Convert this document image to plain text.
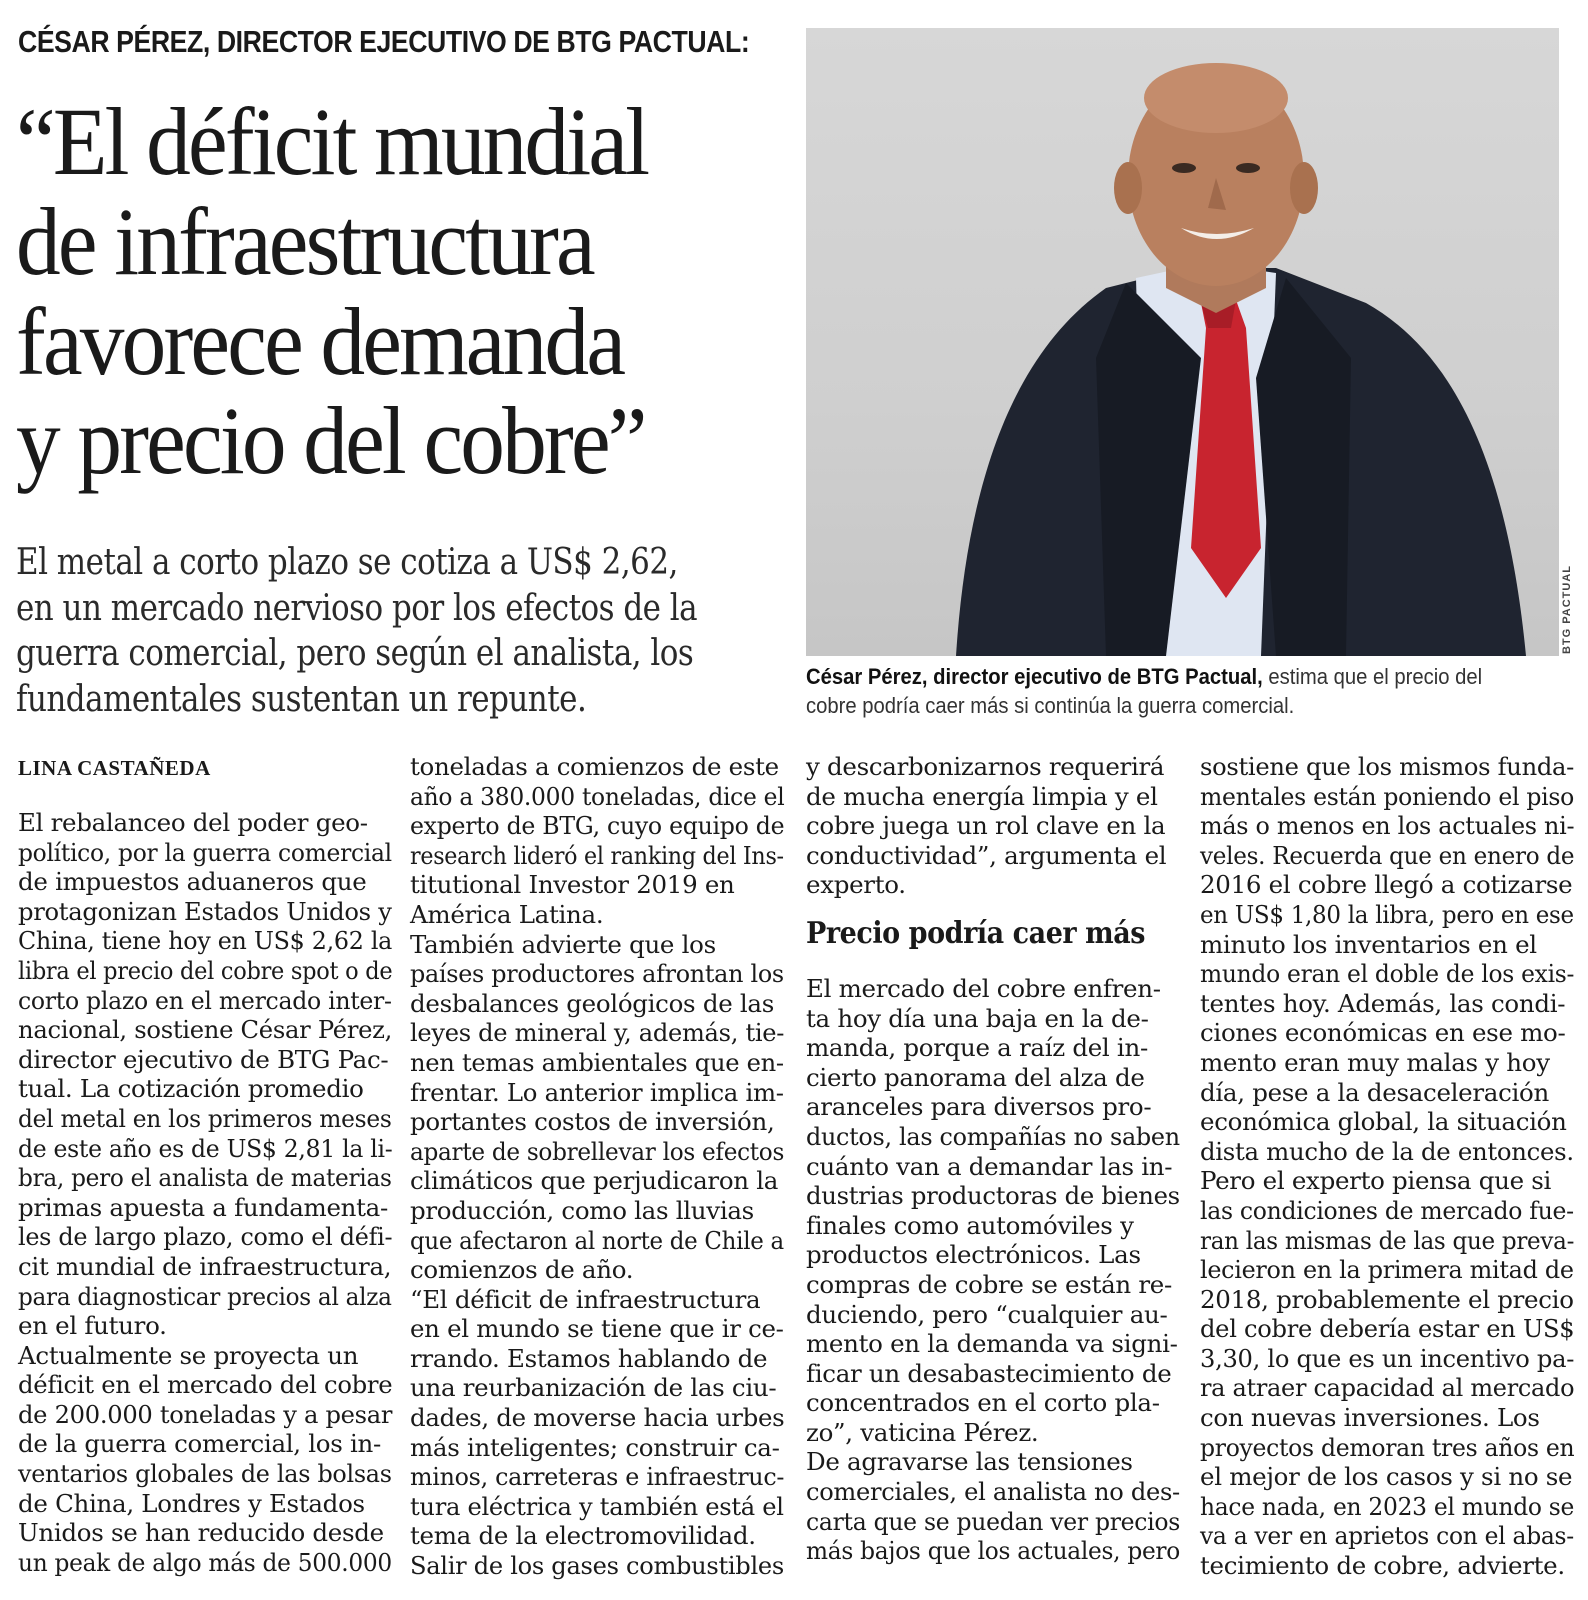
CÉSAR PÉREZ, DIRECTOR EJECUTIVO DE BTG PACTUAL:
“El déficit mundial
de infraestructura
favorece demanda
y precio del cobre”
El metal a corto plazo se cotiza a US$ 2,62,
en un mercado nervioso por los efectos de la
guerra comercial, pero según el analista, los
fundamentales sustentan un repunte.
BTG PACTUAL
César Pérez, director ejecutivo de BTG Pactual, estima que el precio del cobre podría caer más si continúa la guerra comercial.
LINA CASTAÑEDA
El rebalanceo del poder geo-
político, por la guerra comercial
de impuestos aduaneros que
protagonizan Estados Unidos y
China, tiene hoy en US$ 2,62 la
libra el precio del cobre spot o de
corto plazo en el mercado inter-
nacional, sostiene César Pérez,
director ejecutivo de BTG Pac-
tual. La cotización promedio
del metal en los primeros meses
de este año es de US$ 2,81 la li-
bra, pero el analista de materias
primas apuesta a fundamenta-
les de largo plazo, como el défi-
cit mundial de infraestructura,
para diagnosticar precios al alza
en el futuro.
Actualmente se proyecta un
déficit en el mercado del cobre
de 200.000 toneladas y a pesar
de la guerra comercial, los in-
ventarios globales de las bolsas
de China, Londres y Estados
Unidos se han reducido desde
un peak de algo más de 500.000
toneladas a comienzos de este
año a 380.000 toneladas, dice el
experto de BTG, cuyo equipo de
research lideró el ranking del Ins-
titutional Investor 2019 en
América Latina.
También advierte que los
países productores afrontan los
desbalances geológicos de las
leyes de mineral y, además, tie-
nen temas ambientales que en-
frentar. Lo anterior implica im-
portantes costos de inversión,
aparte de sobrellevar los efectos
climáticos que perjudicaron la
producción, como las lluvias
que afectaron al norte de Chile a
comienzos de año.
“El déficit de infraestructura
en el mundo se tiene que ir ce-
rrando. Estamos hablando de
una reurbanización de las ciu-
dades, de moverse hacia urbes
más inteligentes; construir ca-
minos, carreteras e infraestruc-
tura eléctrica y también está el
tema de la electromovilidad.
Salir de los gases combustibles
y descarbonizarnos requerirá
de mucha energía limpia y el
cobre juega un rol clave en la
conductividad”, argumenta el
experto.
Precio podría caer más
El mercado del cobre enfren-
ta hoy día una baja en la de-
manda, porque a raíz del in-
cierto panorama del alza de
aranceles para diversos pro-
ductos, las compañías no saben
cuánto van a demandar las in-
dustrias productoras de bienes
finales como automóviles y
productos electrónicos. Las
compras de cobre se están re-
duciendo, pero “cualquier au-
mento en la demanda va signi-
ficar un desabastecimiento de
concentrados en el corto pla-
zo”, vaticina Pérez.
De agravarse las tensiones
comerciales, el analista no des-
carta que se puedan ver precios
más bajos que los actuales, pero
sostiene que los mismos funda-
mentales están poniendo el piso
más o menos en los actuales ni-
veles. Recuerda que en enero de
2016 el cobre llegó a cotizarse
en US$ 1,80 la libra, pero en ese
minuto los inventarios en el
mundo eran el doble de los exis-
tentes hoy. Además, las condi-
ciones económicas en ese mo-
mento eran muy malas y hoy
día, pese a la desaceleración
económica global, la situación
dista mucho de la de entonces.
Pero el experto piensa que si
las condiciones de mercado fue-
ran las mismas de las que preva-
lecieron en la primera mitad de
2018, probablemente el precio
del cobre debería estar en US$
3,30, lo que es un incentivo pa-
ra atraer capacidad al mercado
con nuevas inversiones. Los
proyectos demoran tres años en
el mejor de los casos y si no se
hace nada, en 2023 el mundo se
va a ver en aprietos con el abas-
tecimiento de cobre, advierte.
